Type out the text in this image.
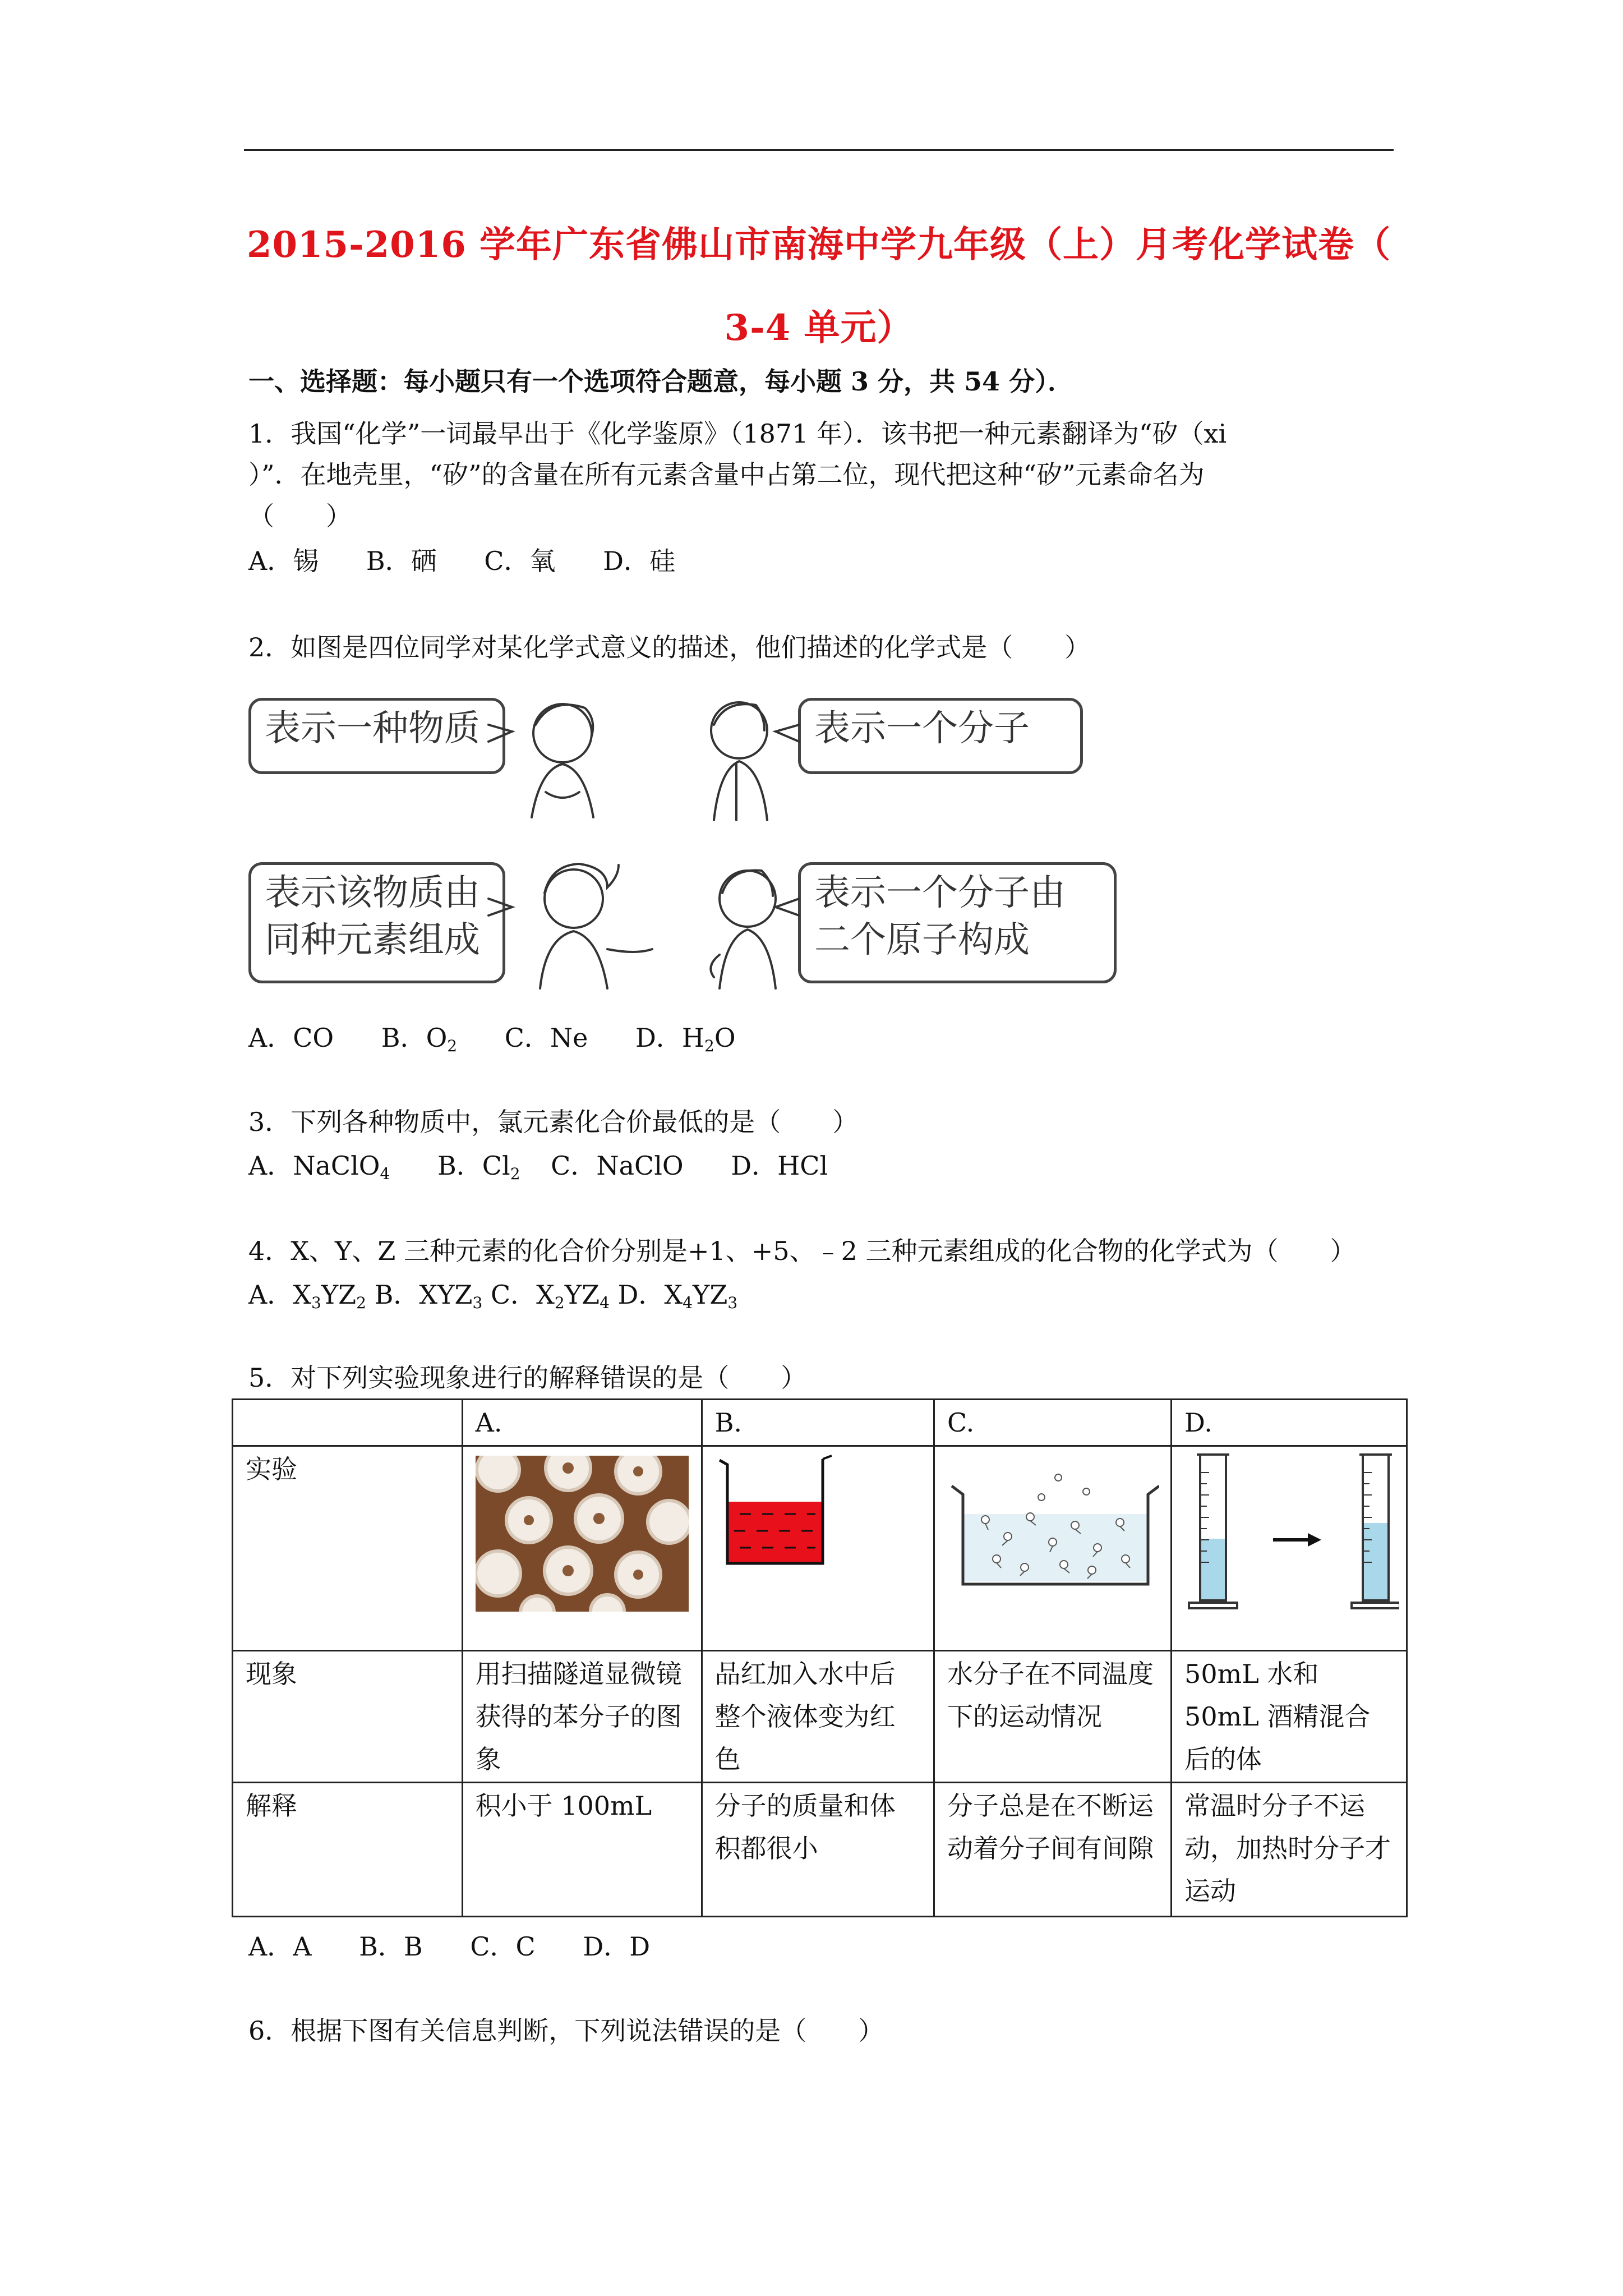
2015-2016 学年广东省佛山市南海中学九年级（上）月考化学试卷（
3-4 单元）
一、选择题：每小题只有一个选项符合题意，每小题 3 分，共 54 分）．
1．我国“化学”一词最早出于《化学鉴原》（1871 年）．该书把一种元素翻译为“矽（xi
）”．在地壳里，“矽”的含量在所有元素含量中占第二位，现代把这种“矽”元素命名为
（　　）
A．锡 B．硒 C．氧 D．硅
2．如图是四位同学对某化学式意义的描述，他们描述的化学式是（　　）
表示一种物质	表示一个分子
表示该物质由
同种元素组成
表示一个分子由
二个原子构成
A．CO B．$O_2$ C．Ne D．$H_2O$
3．下列各种物质中，氯元素化合价最低的是（　　）
A．NaClO$_4$ B．$Cl_2$ C．NaClO D．HCl
4．X、Y、Z 三种元素的化合价分别是+1、+5、﹣2 三种元素组成的化合物的化学式为（　　）
A．$X_3YZ_2$ B．$XYZ_3$ C．$X_2YZ_4$ D．$X_4YZ_3$
5．对下列实验现象进行的解释错误的是（　　）
	A.	B.	C.	D.
实验				
现象	用扫描隧道显微镜获得的苯分子的图象	品红加入水中后整个液体变为红色	水分子在不同温度下的运动情况	50mL 水和 50mL 酒精混合后的体
解释	积小于 100mL	分子的质量和体积都很小	分子总是在不断运动着分子间有间隙	常温时分子不运动，加热时分子才运动
A．A B．B C．C D．D
6．根据下图有关信息判断，下列说法错误的是（　　）
